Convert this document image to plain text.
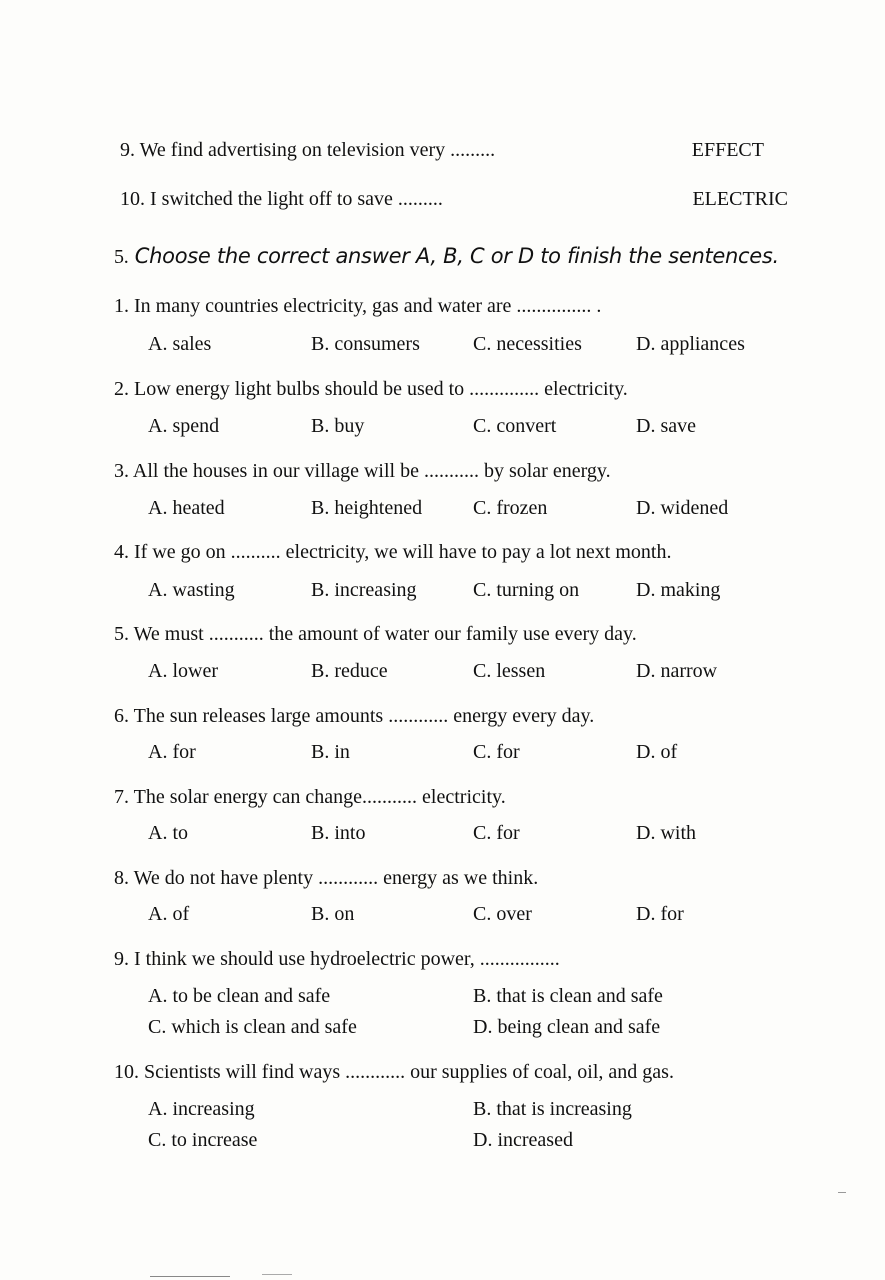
9. We find advertising on television very .........	EFFECT
10. I switched the light off to save .........	ELECTRIC
5. Choose the correct answer A, B, C or D to finish the sentences.
1. In many countries electricity, gas and water are ............... .
A. sales	B. consumers	C. necessities	D. appliances
2. Low energy light bulbs should be used to .............. electricity.
A. spend	B. buy	C. convert	D. save
3. All the houses in our village will be ........... by solar energy.
A. heated	B. heightened	C. frozen	D. widened
4. If we go on .......... electricity, we will have to pay a lot next month.
A. wasting	B. increasing	C. turning on	D. making
5. We must ........... the amount of water our family use every day.
A. lower	B. reduce	C. lessen	D. narrow
6. The sun releases large amounts ............ energy every day.
A. for	B. in	C. for	D. of
7. The solar energy can change........... electricity.
A. to	B. into	C. for	D. with
8. We do not have plenty ............ energy as we think.
A. of	B. on	C. over	D. for
9. I think we should use hydroelectric power, ................
A. to be clean and safe	B. that is clean and safe
C. which is clean and safe	D. being clean and safe
10. Scientists will find ways ............ our supplies of coal, oil, and gas.
A. increasing	B. that is increasing
C. to increase	D. increased
